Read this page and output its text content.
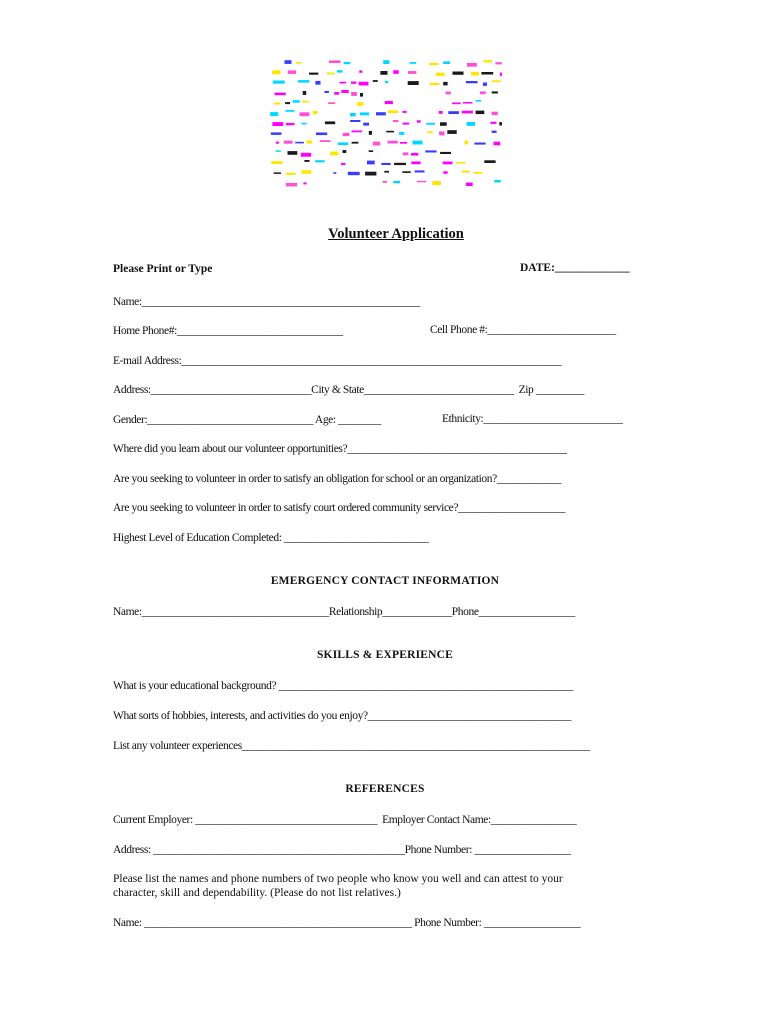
Volunteer Application
Please Print or Type	DATE:_____________
Name:____________________________________________________
Home Phone#:_______________________________	Cell Phone #:________________________
E-mail Address:_______________________________________________________________________
Address:______________________________City & State____________________________  Zip _________
Gender:_______________________________ Age: ________	Ethnicity:__________________________
Where did you learn about our volunteer opportunities?_________________________________________
Are you seeking to volunteer in order to satisfy an obligation for school or an organization?____________
Are you seeking to volunteer in order to satisfy court ordered community service?____________________
Highest Level of Education Completed: ___________________________
EMERGENCY CONTACT INFORMATION
Name:___________________________________Relationship_____________Phone__________________
SKILLS & EXPERIENCE
What is your educational background? _______________________________________________________
What sorts of hobbies, interests, and activities do you enjoy?______________________________________
List any volunteer experiences_________________________________________________________________
REFERENCES
Current Employer: __________________________________  Employer Contact Name:________________
Address: _______________________________________________Phone Number: __________________
Please list the names and phone numbers of two people who know you well and can attest to your
character, skill and dependability. (Please do not list relatives.)
Name: __________________________________________________ Phone Number: __________________
